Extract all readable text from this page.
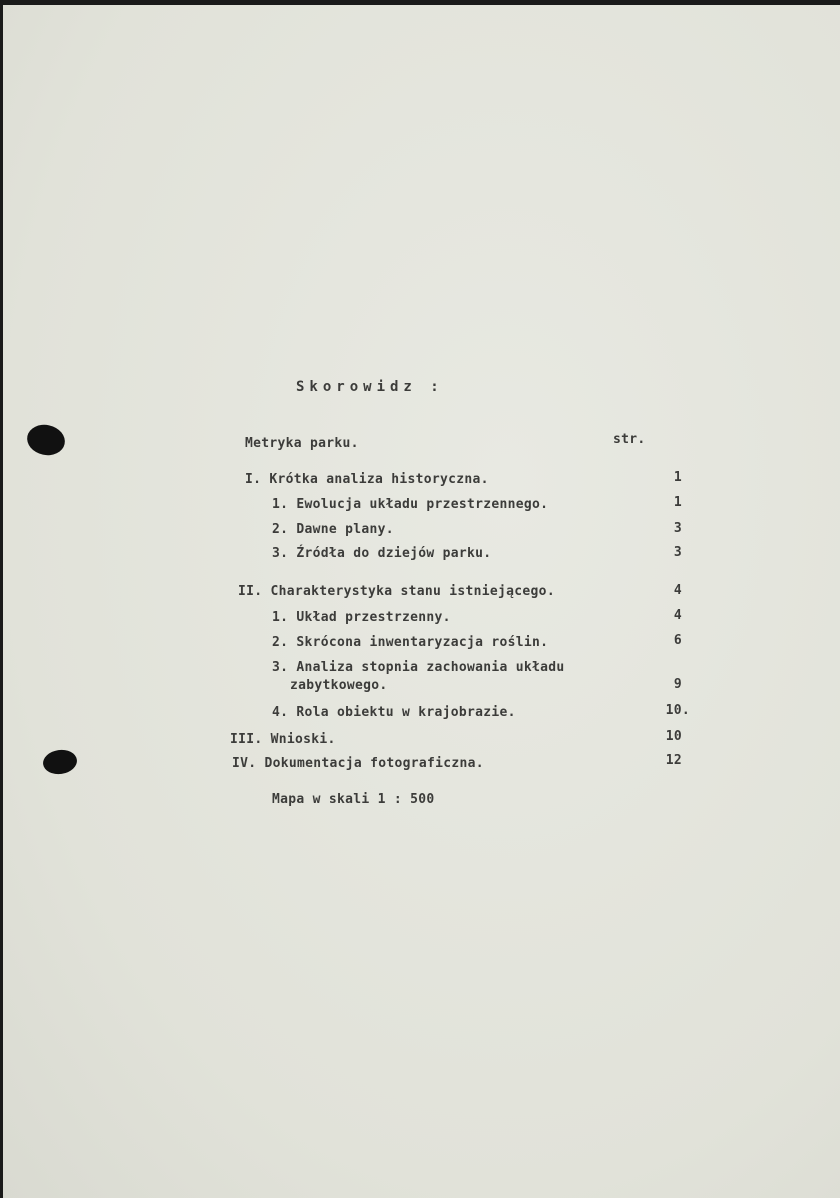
Skorowidz :
Metryka parku.	str.
I. Krótka analiza historyczna.	1
1. Ewolucja układu przestrzennego.	1
2. Dawne plany.	3
3. Źródła do dziejów parku.	3
II. Charakterystyka stanu istniejącego.	4
1. Układ przestrzenny.	4
2. Skrócona inwentaryzacja roślin.	6
3. Analiza stopnia zachowania układu
zabytkowego.	9
4. Rola obiektu w krajobrazie.	10.
III. Wnioski.	10
IV. Dokumentacja fotograficzna.	12
Mapa w skali 1 : 500
